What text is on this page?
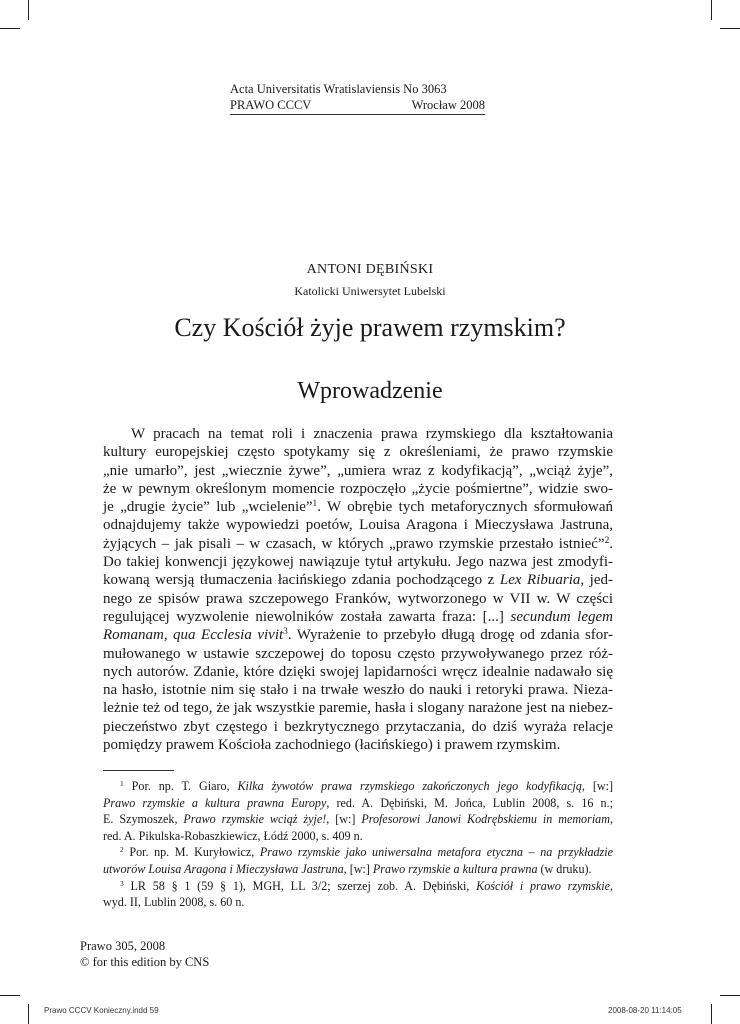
Acta Universitatis Wratislaviensis No 3063
PRAWO CCCV	Wrocław 2008
ANTONI DĘBIŃSKI
Katolicki Uniwersytet Lubelski
Czy Kościół żyje prawem rzymskim?
Wprowadzenie
W pracach na temat roli i znaczenia prawa rzymskiego dla kształtowania
kultury europejskiej często spotykamy się z określeniami, że prawo rzymskie
„nie umarło”, jest „wiecznie żywe”, „umiera wraz z kodyfikacją”, „wciąż żyje”,
że w pewnym określonym momencie rozpoczęło „życie pośmiertne”, widzie swo-
je „drugie życie” lub „wcielenie”$^1$. W obrębie tych metaforycznych sformułowań
odnajdujemy także wypowiedzi poetów, Louisa Aragona i Mieczysława Jastruna,
żyjących – jak pisali – w czasach, w których „prawo rzymskie przestało istnieć”$^2$.
Do takiej konwencji językowej nawiązuje tytuł artykułu. Jego nazwa jest zmodyfi-
kowaną wersją tłumaczenia łacińskiego zdania pochodzącego z Lex Ribuaria, jed-
nego ze spisów prawa szczepowego Franków, wytworzonego w VII w. W części
regulującej wyzwolenie niewolników została zawarta fraza: [...] secundum legem
Romanam, qua Ecclesia vivit$^3$. Wyrażenie to przebyło długą drogę od zdania sfor-
mułowanego w ustawie szczepowej do toposu często przywoływanego przez róż-
nych autorów. Zdanie, które dzięki swojej lapidarności wręcz idealnie nadawało się
na hasło, istotnie nim się stało i na trwałe weszło do nauki i retoryki prawa. Nieza-
leżnie też od tego, że jak wszystkie paremie, hasła i slogany narażone jest na niebez-
pieczeństwo zbyt częstego i bezkrytycznego przytaczania, do dziś wyraża relacje
pomiędzy prawem Kościoła zachodniego (łacińskiego) i prawem rzymskim.
$^1$ Por. np. T. Giaro, Kilka żywotów prawa rzymskiego zakończonych jego kodyfikacją, [w:]
Prawo rzymskie a kultura prawna Europy, red. A. Dębiński, M. Jońca, Lublin 2008, s. 16 n.;
E. Szymoszek, Prawo rzymskie wciąż żyje!, [w:] Profesorowi Janowi Kodrębskiemu in memoriam,
red. A. Pikulska-Robaszkiewicz, Łódź 2000, s. 409 n.
$^2$ Por. np. M. Kuryłowicz, Prawo rzymskie jako uniwersalna metafora etyczna – na przykładzie
utworów Louisa Aragona i Mieczysława Jastruna, [w:] Prawo rzymskie a kultura prawna (w druku).
$^3$ LR 58 § 1 (59 § 1), MGH, LL 3/2; szerzej zob. A. Dębiński, Kościół i prawo rzymskie,
wyd. II, Lublin 2008, s. 60 n.
Prawo 305, 2008
© for this edition by CNS
Prawo CCCV Konieczny.indd 59	2008-08-20 11:14:05
